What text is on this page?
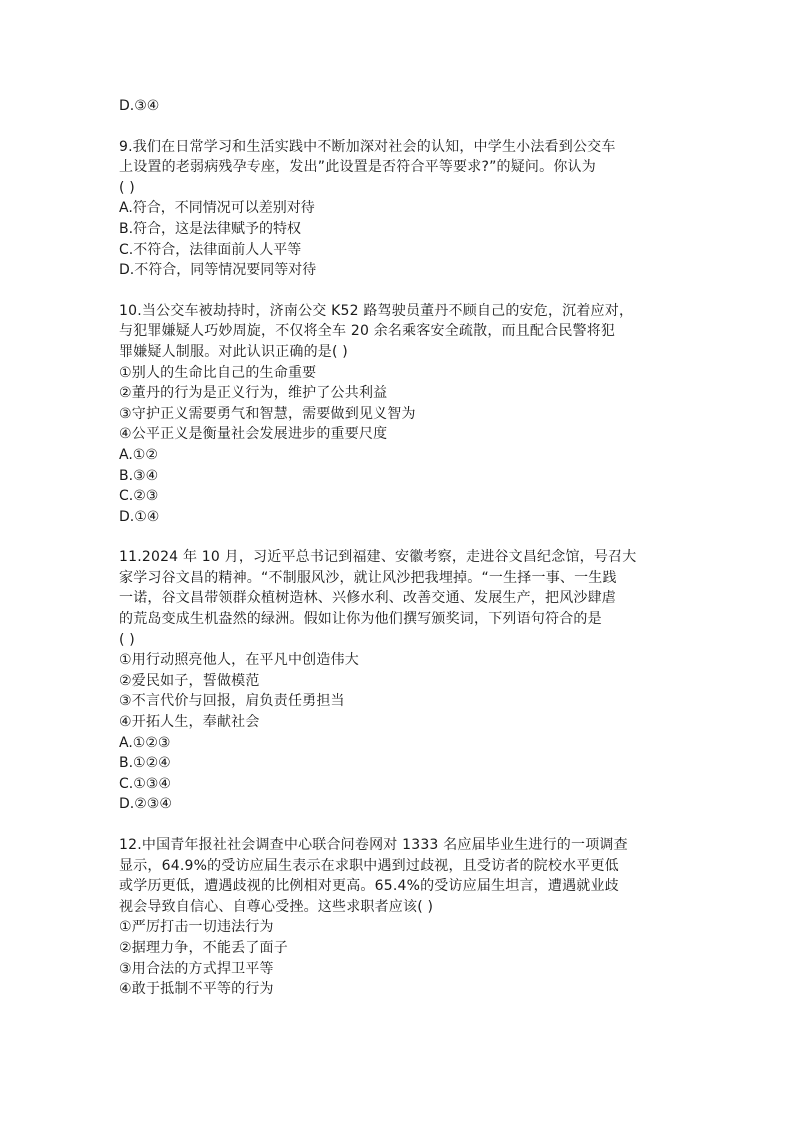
D.③④
9.我们在日常学习和生活实践中不断加深对社会的认知，中学生小法看到公交车
上设置的老弱病残孕专座，发出”此设置是否符合平等要求?”的疑问。你认为
( )
A.符合，不同情况可以差别对待
B.符合，这是法律赋予的特权
C.不符合，法律面前人人平等
D.不符合，同等情况要同等对待
10.当公交车被劫持时，济南公交 K52 路驾驶员董丹不顾自己的安危，沉着应对，
与犯罪嫌疑人巧妙周旋，不仅将全车 20 余名乘客安全疏散，而且配合民警将犯
罪嫌疑人制服。对此认识正确的是( )
①别人的生命比自己的生命重要
②董丹的行为是正义行为，维护了公共利益
③守护正义需要勇气和智慧，需要做到见义智为
④公平正义是衡量社会发展进步的重要尺度
A.①②
B.③④
C.②③
D.①④
11.2024 年 10 月，习近平总书记到福建、安徽考察，走进谷文昌纪念馆，号召大
家学习谷文昌的精神。“不制服风沙，就让风沙把我埋掉。“一生择一事、一生践
一诺，谷文昌带领群众植树造林、兴修水利、改善交通、发展生产，把风沙肆虐
的荒岛变成生机盎然的绿洲。假如让你为他们撰写颁奖词，下列语句符合的是
( )
①用行动照亮他人，在平凡中创造伟大
②爱民如子，誓做模范
③不言代价与回报，肩负责任勇担当
④开拓人生，奉献社会
A.①②③
B.①②④
C.①③④
D.②③④
12.中国青年报社社会调查中心联合问卷网对 1333 名应届毕业生进行的一项调查
显示，64.9%的受访应届生表示在求职中遇到过歧视，且受访者的院校水平更低
或学历更低，遭遇歧视的比例相对更高。65.4%的受访应届生坦言，遭遇就业歧
视会导致自信心、自尊心受挫。这些求职者应该( )
①严厉打击一切违法行为
②据理力争，不能丢了面子
③用合法的方式捍卫平等
④敢于抵制不平等的行为
